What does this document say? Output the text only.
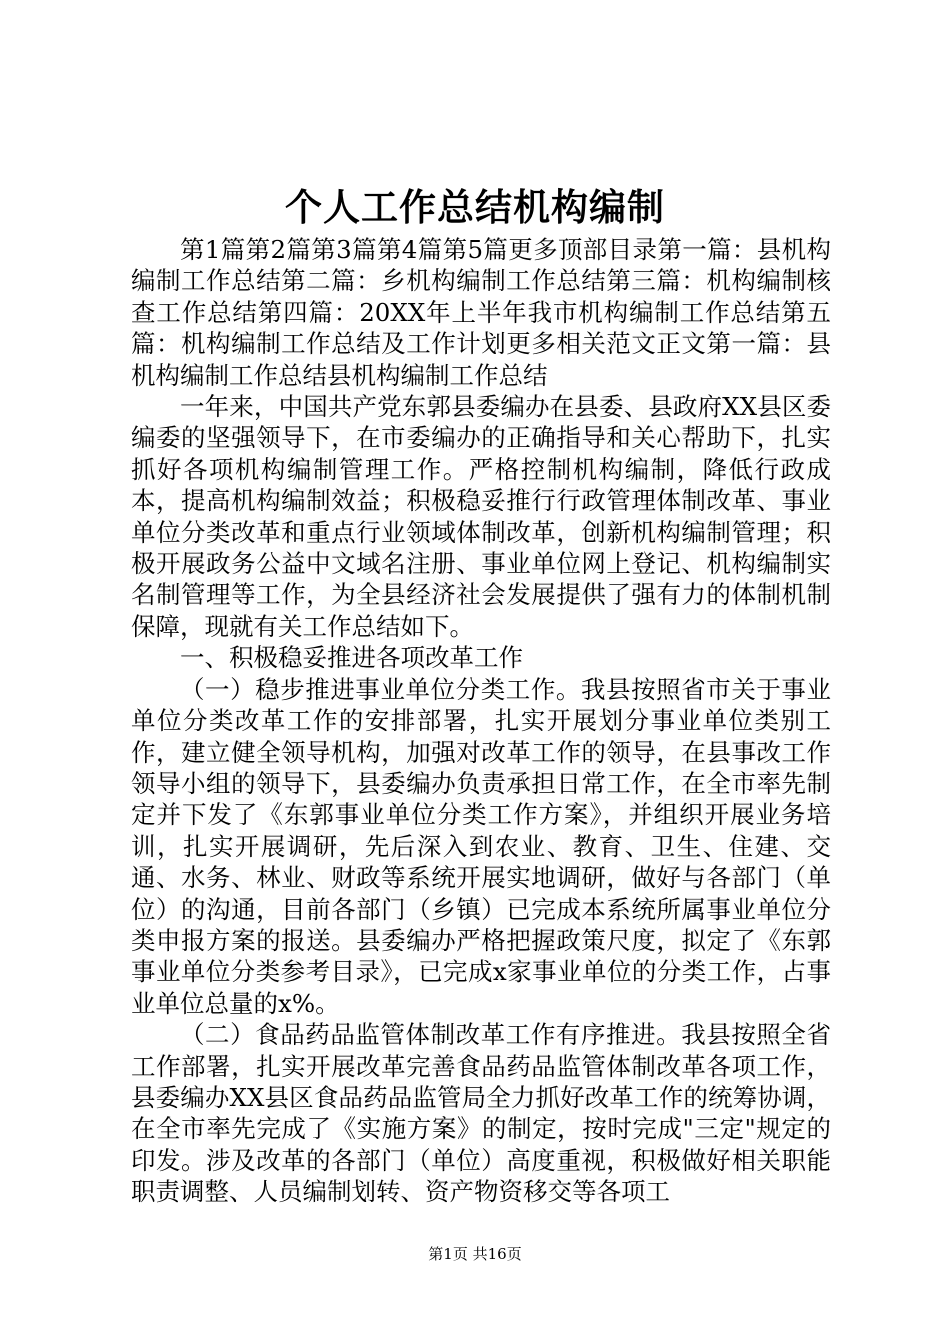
个人工作总结机构编制

第1篇第2篇第3篇第4篇第5篇更多顶部目录第一篇：县机构编制工作总结第二篇：乡机构编制工作总结第三篇：机构编制核查工作总结第四篇：20XX年上半年我市机构编制工作总结第五篇：机构编制工作总结及工作计划更多相关范文正文第一篇：县机构编制工作总结县机构编制工作总结

一年来，中国共产党东郭县委编办在县委、县政府XX县区委编委的坚强领导下，在市委编办的正确指导和关心帮助下，扎实抓好各项机构编制管理工作。严格控制机构编制，降低行政成本，提高机构编制效益；积极稳妥推行行政管理体制改革、事业单位分类改革和重点行业领域体制改革，创新机构编制管理；积极开展政务公益中文域名注册、事业单位网上登记、机构编制实名制管理等工作，为全县经济社会发展提供了强有力的体制机制保障，现就有关工作总结如下。

一、积极稳妥推进各项改革工作

（一）稳步推进事业单位分类工作。我县按照省市关于事业单位分类改革工作的安排部署，扎实开展划分事业单位类别工作，建立健全领导机构，加强对改革工作的领导，在县事改工作领导小组的领导下，县委编办负责承担日常工作，在全市率先制定并下发了《东郭事业单位分类工作方案》，并组织开展业务培训，扎实开展调研，先后深入到农业、教育、卫生、住建、交通、水务、林业、财政等系统开展实地调研，做好与各部门（单位）的沟通，目前各部门（乡镇）已完成本系统所属事业单位分类申报方案的报送。县委编办严格把握政策尺度，拟定了《东郭事业单位分类参考目录》，已完成x家事业单位的分类工作，占事业单位总量的x%。

（二）食品药品监管体制改革工作有序推进。我县按照全省工作部署，扎实开展改革完善食品药品监管体制改革各项工作，县委编办XX县区食品药品监管局全力抓好改革工作的统筹协调，在全市率先完成了《实施方案》的制定，按时完成"三定"规定的印发。涉及改革的各部门（单位）高度重视，积极做好相关职能职责调整、人员编制划转、资产物资移交等各项工

第1页 共16页
